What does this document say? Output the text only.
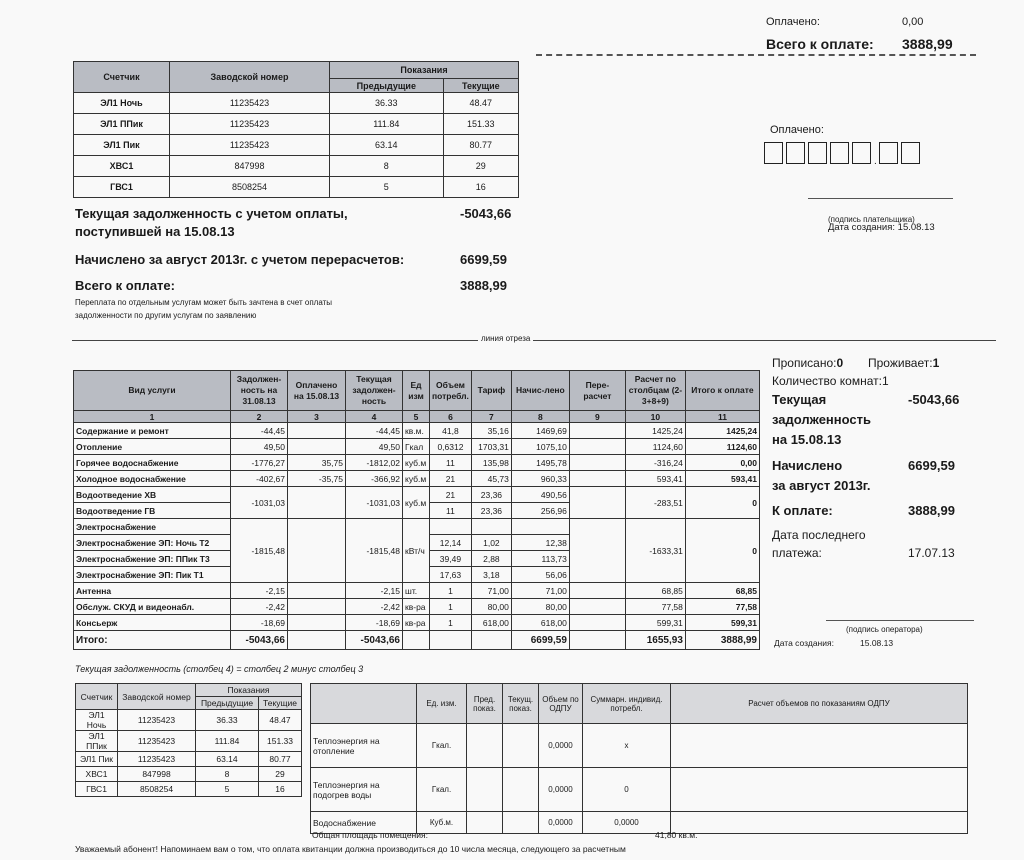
Оплачено:	0,00
Всего к оплате: 3888,99
Оплачено:
.
(подпись плательщика)
Дата создания: 15.08.13
Счетчик	Заводской номер	Показания	
		Предыдущие	Текущие
ЭЛ1 Ночь	11235423	36.33	48.47
ЭЛ1 ППик	11235423	111.84	151.33
ЭЛ1 Пик	11235423	63.14	80.77
ХВС1	847998	8	29
ГВС1	8508254	5	16
Текущая задолженность с учетом оплаты,
поступившей на 15.08.13
-5043,66
Начислено за август 2013г. с учетом перерасчетов:	6699,59
Всего к оплате:	3888,99
Переплата по отдельным услугам может быть зачтена в счет оплаты
задолженности по другим услугам по заявлению
линия отреза
Вид услуги	Задолжен-ность на 31.08.13	Оплачено на 15.08.13	Текущая задолжен-ность	Ед изм	Объем потребл.	Тариф	Начис-лено	Пере-расчет	Расчет по столбцам (2-3+8+9)	Итого к оплате
1	2	3	4	5	6	7	8	9	10	11
Содержание и ремонт	-44,45		-44,45	кв.м.	41,8	35,16	1469,69		1425,24	1425,24
Отопление	49,50		49,50	Гкал	0,6312	1703,31	1075,10		1124,60	1124,60
Горячее водоснабжение	-1776,27	35,75	-1812,02	куб.м	11	135,98	1495,78		-316,24	0,00
Холодное водоснабжение	-402,67	-35,75	-366,92	куб.м	21	45,73	960,33		593,41	593,41
Водоотведение ХВ	-1031,03		-1031,03	куб.м	21	23,36	490,56		-283,51	0
Водоотведение ГВ					11	23,36	256,96			
Электроснабжение	-1815,48		-1815,48	кВт/ч					-1633,31	0
Электроснабжение ЭП: Ночь Т2					12,14	1,02	12,38			
Электроснабжение ЭП: ППик Т3					39,49	2,88	113,73			
Электроснабжение ЭП: Пик Т1					17,63	3,18	56,06			
Антенна	-2,15		-2,15	шт.	1	71,00	71,00		68,85	68,85
Обслуж. СКУД и видеонабл.	-2,42		-2,42	кв-ра	1	80,00	80,00		77,58	77,58
Консьерж	-18,69		-18,69	кв-ра	1	618,00	618,00		599,31	599,31
Итого:	-5043,66		-5043,66				6699,59		1655,93	3888,99
Текущая задолженность (столбец 4) = столбец 2 минус столбец 3
Прописано:0 Проживает:1
Количество комнат:1
Текущая
задолженность
на 15.08.13
-5043,66
Начислено
за август 2013г.
6699,59
К оплате:	3888,99
Дата последнего
платежа:	17.07.13
(подпись оператора)
Дата создания:	15.08.13
Счетчик	Заводской номер	Показания	
		Предыдущие	Текущие
ЭЛ1 Ночь	11235423	36.33	48.47
ЭЛ1 ППик	11235423	111.84	151.33
ЭЛ1 Пик	11235423	63.14	80.77
ХВС1	847998	8	29
ГВС1	8508254	5	16
	Ед. изм.	Пред. показ.	Текущ. показ.	Объем по ОДПУ	Суммарн. индивид. потребл.	Расчет объемов по показаниям ОДПУ
Теплоэнергия на отопление	Гкал.			0,0000	х	
Теплоэнергия на подогрев воды	Гкал.			0,0000	0	
Водоснабжение	Куб.м.			0,0000	0,0000	
Общая площадь помещения:	41,80 кв.м.
Уважаемый абонент! Напоминаем вам о том, что оплата квитанции должна производиться до 10 числа месяца, следующего за расчетным
